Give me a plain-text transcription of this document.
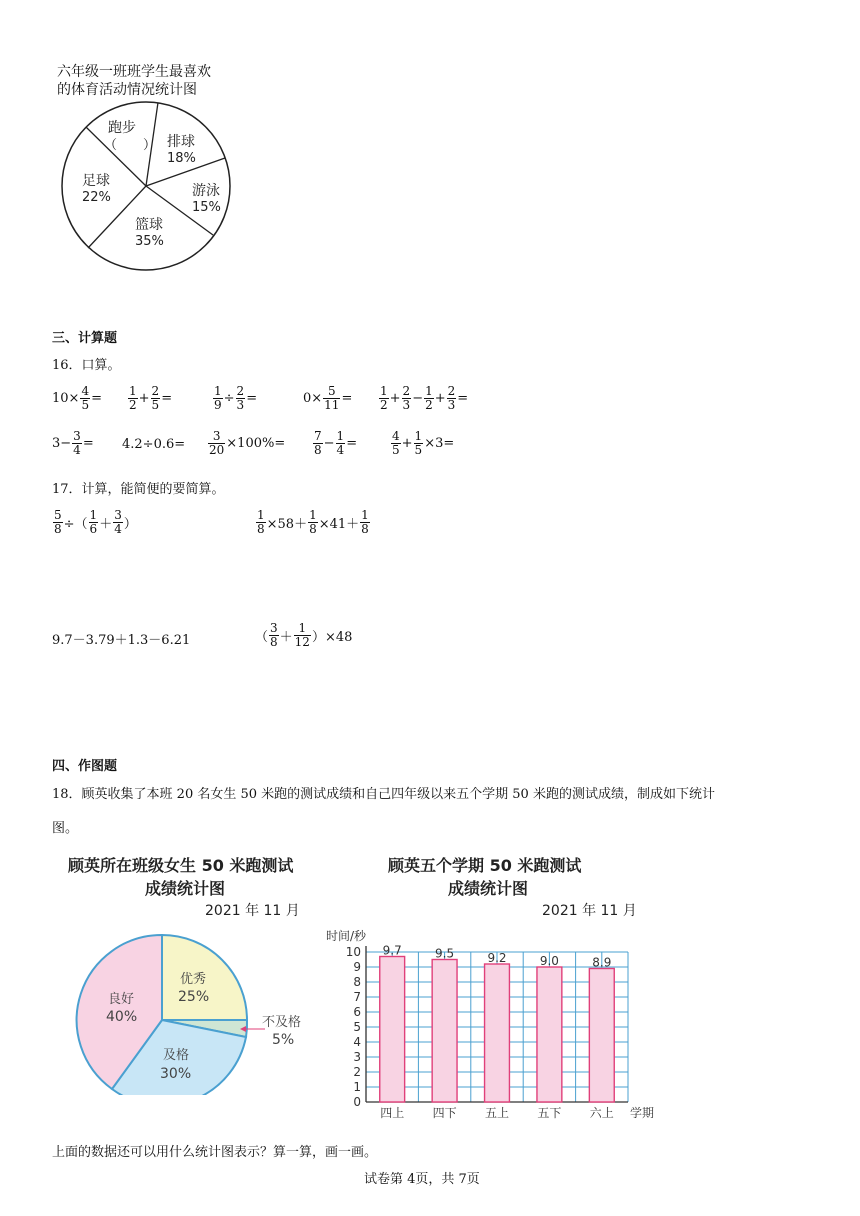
六年级一班班学生最喜欢
的体育活动情况统计图
跑步
（　　） 排球
18%
游泳
15%
足球
22%
篮球
35%
三、计算题
16．口算。
$10\times \frac{4}{5} = \frac{1}{2} + \frac{2}{5}$ =	$\frac{1}{9} \div \frac{2}{3}$ =	$0\times \frac{5}{11} = \frac{1}{2} + \frac{2}{3} - \frac{1}{2} + \frac{2}{3}$ =
$3- \frac{3}{4} = 4.2\div 0.6= \frac{3}{20} \times 100\%= \frac{7}{8} - \frac{1}{4}$ =	$\frac{4}{5} + \frac{1}{5} \times 3=$
17．计算，能简便的要简算。
$\frac{5}{8}$ ÷（ $\frac{1}{6} + \frac{3}{4}$ ）	$\frac{1}{8} \times 58+ \frac{1}{8} \times 41+ \frac{1}{8}$
9.7－3.79＋1.3－6.21	（ $\frac{3}{8} + \frac{1}{12} )\times 48$
四、作图题
18．顾英收集了本班 20 名女生 50 米跑的测试成绩和自己四年级以来五个学期 50 米跑的测试成绩，制成如下统计
图。
顾英所在班级女生 50 米跑测试
成绩统计图
2021 年 11 月
优秀
25%
良好
40%
及格
30%
不及格
5%
顾英五个学期 50 米跑测试
成绩统计图
2021 年 11 月
0
1
2
3
4
5
6
7
8
9
10
时间/秒
9.7
四上
9.5
四下
9.2
五上
9.0
五下
8.9
六上 学期
上面的数据还可以用什么统计图表示？算一算，画一画。
试卷第 4页，共 7页
